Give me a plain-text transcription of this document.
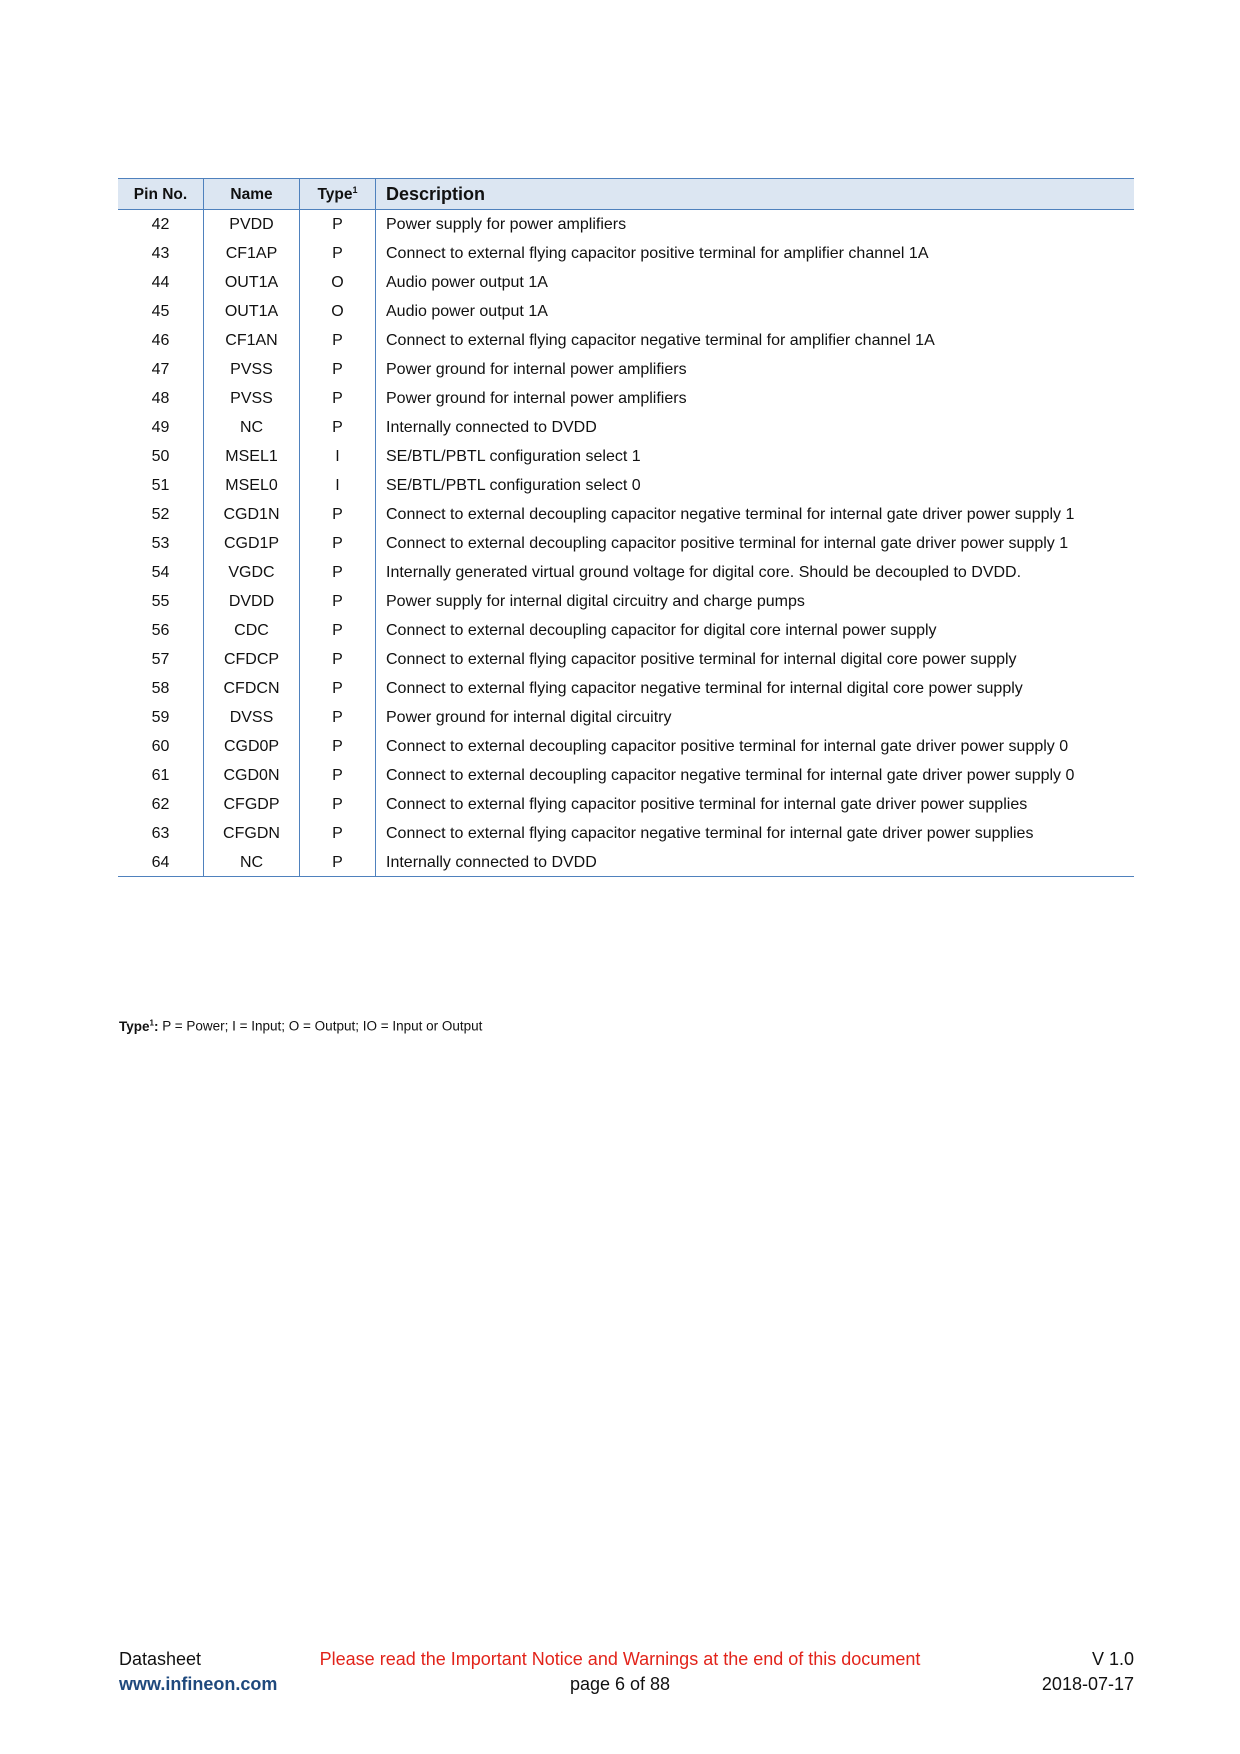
Pin No.	Name	Type$^1$	Description
42	PVDD	P	Power supply for power amplifiers
43	CF1AP	P	Connect to external flying capacitor positive terminal for amplifier channel 1A
44	OUT1A	O	Audio power output 1A
45	OUT1A	O	Audio power output 1A
46	CF1AN	P	Connect to external flying capacitor negative terminal for amplifier channel 1A
47	PVSS	P	Power ground for internal power amplifiers
48	PVSS	P	Power ground for internal power amplifiers
49	NC	P	Internally connected to DVDD
50	MSEL1	I	SE/BTL/PBTL configuration select 1
51	MSEL0	I	SE/BTL/PBTL configuration select 0
52	CGD1N	P	Connect to external decoupling capacitor negative terminal for internal gate driver power supply 1
53	CGD1P	P	Connect to external decoupling capacitor positive terminal for internal gate driver power supply 1
54	VGDC	P	Internally generated virtual ground voltage for digital core. Should be decoupled to DVDD.
55	DVDD	P	Power supply for internal digital circuitry and charge pumps
56	CDC	P	Connect to external decoupling capacitor for digital core internal power supply
57	CFDCP	P	Connect to external flying capacitor positive terminal for internal digital core power supply
58	CFDCN	P	Connect to external flying capacitor negative terminal for internal digital core power supply
59	DVSS	P	Power ground for internal digital circuitry
60	CGD0P	P	Connect to external decoupling capacitor positive terminal for internal gate driver power supply 0
61	CGD0N	P	Connect to external decoupling capacitor negative terminal for internal gate driver power supply 0
62	CFGDP	P	Connect to external flying capacitor positive terminal for internal gate driver power supplies
63	CFGDN	P	Connect to external flying capacitor negative terminal for internal gate driver power supplies
64	NC	P	Internally connected to DVDD
Type$^1$: P = Power; I = Input; O = Output; IO = Input or Output
Datasheet
www.infineon.com
Please read the Important Notice and Warnings at the end of this document
page 6 of 88
V 1.0
2018-07-17
